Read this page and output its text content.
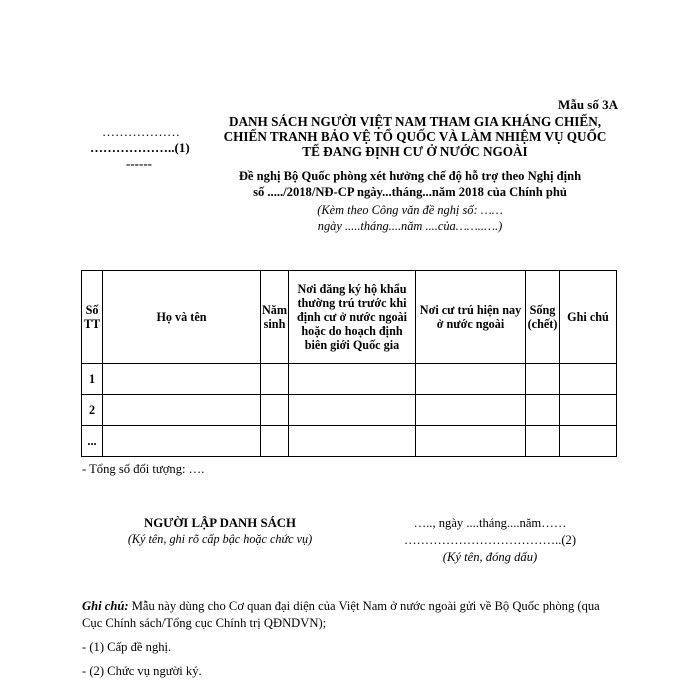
Mẫu số 3A
………………
………………..(1)
------
DANH SÁCH NGƯỜI VIỆT NAM THAM GIA KHÁNG CHIẾN,
CHIẾN TRANH BẢO VỆ TỔ QUỐC VÀ LÀM NHIỆM VỤ QUỐC
TẾ ĐANG ĐỊNH CƯ Ở NƯỚC NGOÀI
Đề nghị Bộ Quốc phòng xét hưởng chế độ hỗ trợ theo Nghị định
số ...../2018/NĐ-CP ngày...tháng...năm 2018 của Chính phủ
(Kèm theo Công văn đề nghị số: ……
ngày .....tháng....năm ....của……..….)
Số TT	Họ và tên	Năm sinh	Nơi đăng ký hộ khẩu thường trú trước khi định cư ở nước ngoài hoặc do hoạch định biên giới Quốc gia	Nơi cư trú hiện nay ở nước ngoài	Sống (chết)	Ghi chú
1						
2						
...						
- Tổng số đối tượng: ….
NGƯỜI LẬP DANH SÁCH
(Ký tên, ghi rõ cấp bậc hoặc chức vụ)
….., ngày ....tháng....năm……
………………………………..(2)
(Ký tên, đóng dấu)

Ghi chú: Mẫu này dùng cho Cơ quan đại diện của Việt Nam ở nước ngoài gửi về Bộ Quốc phòng (qua Cục Chính sách/Tổng cục Chính trị QĐNDVN);

- (1) Cấp đề nghị.

- (2) Chức vụ người ký.
